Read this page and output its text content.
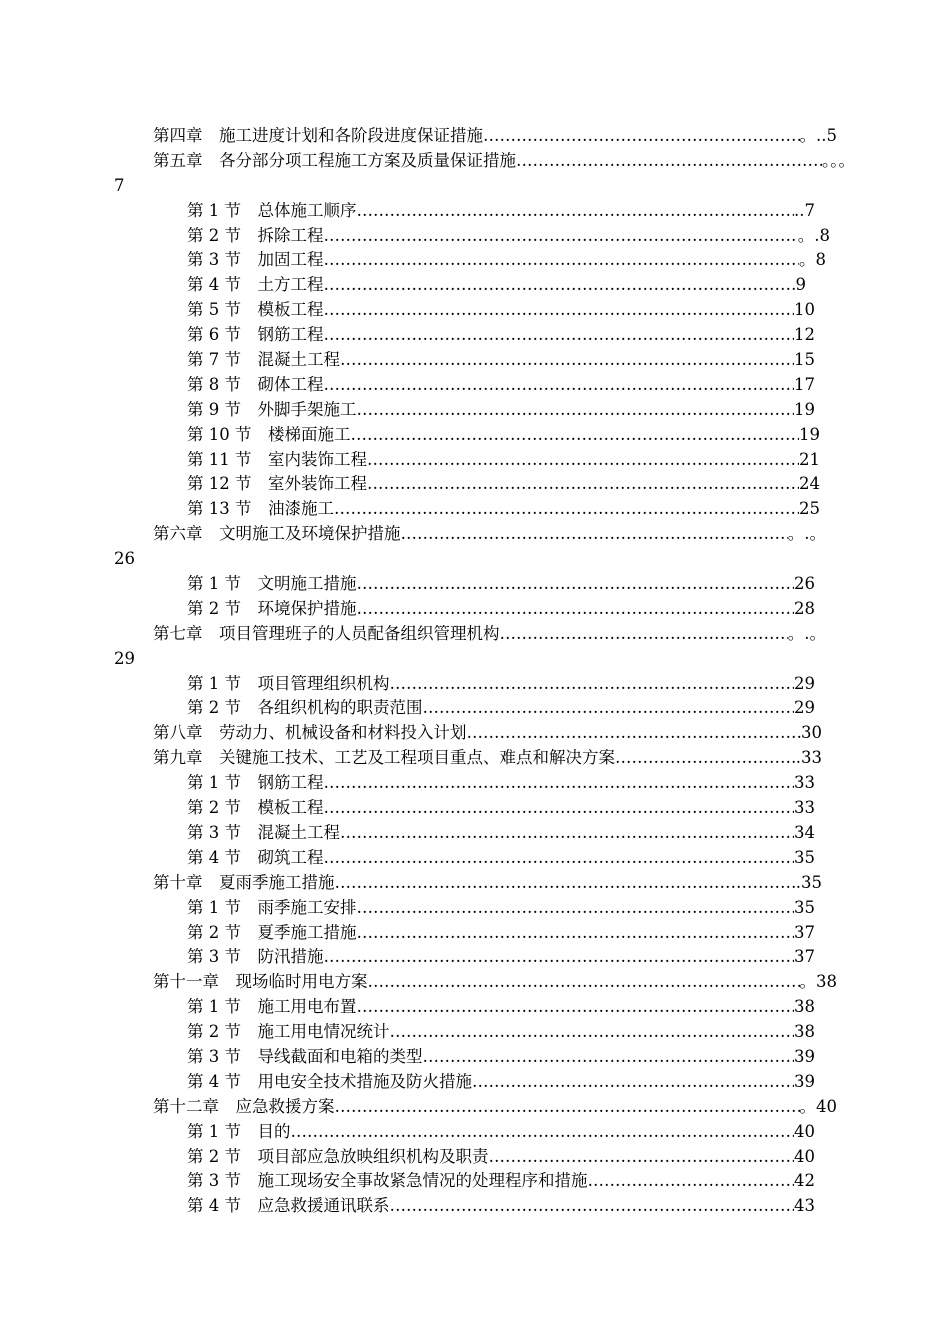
第四章　施工进度计划和各阶段进度保证措施 ……………………………………………………………………………………………………………………………………………………………………	。..5
第五章　各分部分项工程施工方案及质量保证措施 ……………………………………………………………………………………………………………………………………………………………………	。。。
7
第 1 节　总体施工顺序 ……………………………………………………………………………………………………………………………………………………………………	..7
第 2 节　拆除工程 ……………………………………………………………………………………………………………………………………………………………………	。.8
第 3 节　加固工程 ……………………………………………………………………………………………………………………………………………………………………	。8
第 4 节　土方工程 ……………………………………………………………………………………………………………………………………………………………………	9
第 5 节　模板工程 ……………………………………………………………………………………………………………………………………………………………………	10
第 6 节　钢筋工程 ……………………………………………………………………………………………………………………………………………………………………	12
第 7 节　混凝土工程 ……………………………………………………………………………………………………………………………………………………………………	15
第 8 节　砌体工程 ……………………………………………………………………………………………………………………………………………………………………	17
第 9 节　外脚手架施工 ……………………………………………………………………………………………………………………………………………………………………	19
第 10 节　楼梯面施工 ……………………………………………………………………………………………………………………………………………………………………	19
第 11 节　室内装饰工程 ……………………………………………………………………………………………………………………………………………………………………	21
第 12 节　室外装饰工程 ……………………………………………………………………………………………………………………………………………………………………	24
第 13 节　油漆施工 ……………………………………………………………………………………………………………………………………………………………………	25
第六章　文明施工及环境保护措施 ……………………………………………………………………………………………………………………………………………………………………	。.。
26
第 1 节　文明施工措施 ……………………………………………………………………………………………………………………………………………………………………	26
第 2 节　环境保护措施 ……………………………………………………………………………………………………………………………………………………………………	28
第七章　项目管理班子的人员配备组织管理机构 ……………………………………………………………………………………………………………………………………………………………………	。.。
29
第 1 节　项目管理组织机构 ……………………………………………………………………………………………………………………………………………………………………	29
第 2 节　各组织机构的职责范围 ……………………………………………………………………………………………………………………………………………………………………	29
第八章　劳动力、机械设备和材料投入计划 ……………………………………………………………………………………………………………………………………………………………………	30
第九章　关键施工技术、工艺及工程项目重点、难点和解决方案 ……………………………………………………………………………………………………………………………………………………………………	.33
第 1 节　钢筋工程 ……………………………………………………………………………………………………………………………………………………………………	33
第 2 节　模板工程 ……………………………………………………………………………………………………………………………………………………………………	33
第 3 节　混凝土工程 ……………………………………………………………………………………………………………………………………………………………………	34
第 4 节　砌筑工程 ……………………………………………………………………………………………………………………………………………………………………	35
第十章　夏雨季施工措施 ……………………………………………………………………………………………………………………………………………………………………	.35
第 1 节　雨季施工安排 ……………………………………………………………………………………………………………………………………………………………………	35
第 2 节　夏季施工措施 ……………………………………………………………………………………………………………………………………………………………………	37
第 3 节　防汛措施 ……………………………………………………………………………………………………………………………………………………………………	37
第十一章　现场临时用电方案 ……………………………………………………………………………………………………………………………………………………………………	。38
第 1 节　施工用电布置 ……………………………………………………………………………………………………………………………………………………………………	38
第 2 节　施工用电情况统计 ……………………………………………………………………………………………………………………………………………………………………	38
第 3 节　导线截面和电箱的类型 ……………………………………………………………………………………………………………………………………………………………………	39
第 4 节　用电安全技术措施及防火措施 ……………………………………………………………………………………………………………………………………………………………………	39
第十二章　应急救援方案 ……………………………………………………………………………………………………………………………………………………………………	。40
第 1 节　目的 ……………………………………………………………………………………………………………………………………………………………………	40
第 2 节　项目部应急放映组织机构及职责 ……………………………………………………………………………………………………………………………………………………………………	40
第 3 节　施工现场安全事故紧急情况的处理程序和措施 ……………………………………………………………………………………………………………………………………………………………………	42
第 4 节　应急救援通讯联系 ……………………………………………………………………………………………………………………………………………………………………	43
